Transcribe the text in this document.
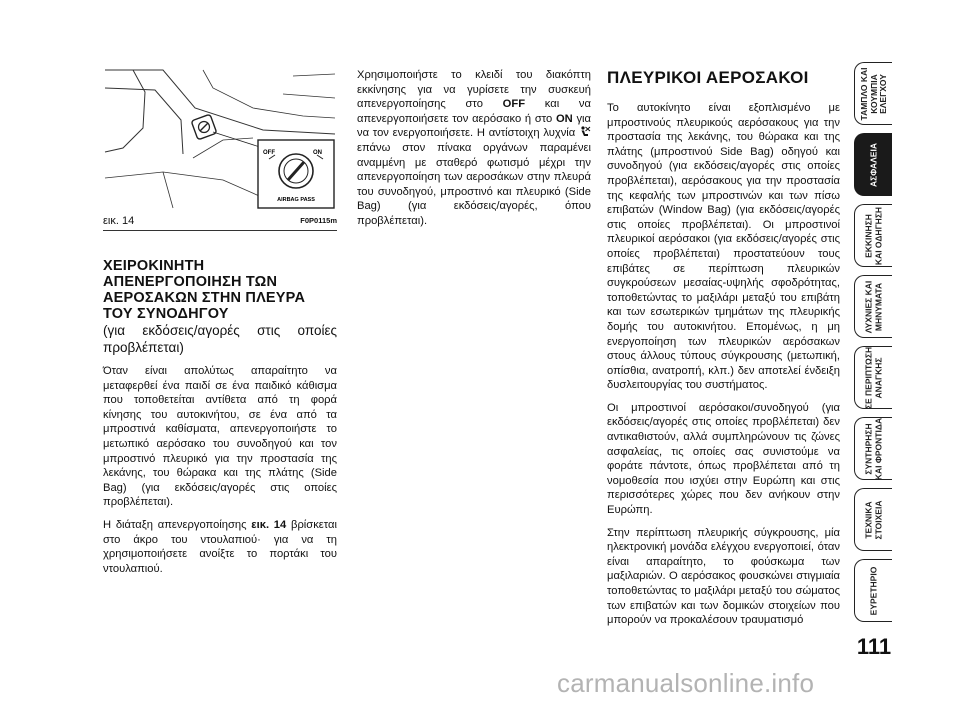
OFF	ON
AIRBAG PASS
εικ. 14	F0P0115m
ΧΕΙΡΟΚΙΝΗΤΗ
ΑΠΕΝΕΡΓΟΠΟΙΗΣΗ ΤΩΝ
ΑΕΡΟΣΑΚΩΝ ΣΤΗΝ ΠΛΕΥΡΑ
ΤΟΥ ΣΥΝΟΔΗΓΟΥ
(για εκδόσεις/αγορές στις οποίες προβλέπεται)

Όταν είναι απολύτως απαραίτητο να μεταφερθεί ένα παιδί σε ένα παιδικό κάθισμα που τοποθετείται αντίθετα από τη φορά κίνησης του αυτοκινήτου, σε ένα από τα μπροστινά καθίσματα, απενεργοποιήστε το μετωπικό αερόσακο του συνοδηγού και τον μπροστινό πλευρικό για την προστασία της λεκάνης, του θώρακα και της πλάτης (Side Bag) (για εκδόσεις/αγορές στις οποίες προβλέπεται).

Η διάταξη απενεργοποίησης εικ. 14 βρίσκεται στο άκρο του ντουλαπιού· για να τη χρησιμοποιήσετε ανοίξτε το πορτάκι του ντουλαπιού.

Χρησιμοποιήστε το κλειδί του διακόπτη εκκίνησης για να γυρίσετε την συσκευή απενεργοποίησης στο OFF και να απενεργοποιήσετε τον αερόσακο ή στο ON για να τον ενεργοποιήσετε. Η αντίστοιχη λυχνία  επάνω στον πίνακα οργάνων παραμένει αναμμένη με σταθερό φωτισμό μέχρι την απενεργοποίηση των αεροσάκων στην πλευρά του συνοδηγού, μπροστινό και πλευρικό (Side Bag) (για εκδόσεις/αγορές, όπου προβλέπεται).

ΠΛΕΥΡΙΚΟΙ ΑΕΡΟΣΑΚΟΙ

Το αυτοκίνητο είναι εξοπλισμένο με μπροστινούς πλευρικούς αερόσακους για την προστασία της λεκάνης, του θώρακα και της πλάτης (μπροστινού Side Bag) οδηγού και συνοδηγού (για εκδόσεις/αγορές στις οποίες προβλέπεται), αερόσακους για την προστασία της κεφαλής των μπροστινών και των πίσω επιβατών (Window Bag) (για εκδόσεις/αγορές στις οποίες προβλέπεται). Οι μπροστινοί πλευρικοί αερόσακοι (για εκδόσεις/αγορές στις οποίες προβλέπεται) προστατεύουν τους επιβάτες σε περίπτωση πλευρικών συγκρούσεων μεσαίας-υψηλής σφοδρότητας, τοποθετώντας το μαξιλάρι μεταξύ του επιβάτη και των εσωτερικών τμημάτων της πλευρικής δομής του αυτοκινήτου. Επομένως, η μη ενεργοποίηση των πλευρικών αερόσακων στους άλλους τύπους σύγκρουσης (μετωπική, οπίσθια, ανατροπή, κλπ.) δεν αποτελεί ένδειξη δυσλειτουργίας του συστήματος.

Οι μπροστινοί αερόσακοι/συνοδηγού (για εκδόσεις/αγορές στις οποίες προβλέπεται) δεν αντικαθιστούν, αλλά συμπληρώνουν τις ζώνες ασφαλείας, τις οποίες σας συνιστούμε να φοράτε πάντοτε, όπως προβλέπεται από τη νομοθεσία που ισχύει στην Ευρώπη και στις περισσότερες χώρες που δεν ανήκουν στην Ευρώπη.

Στην περίπτωση πλευρικής σύγκρουσης, μία ηλεκτρονική μονάδα ελέγχου ενεργοποιεί, όταν είναι απαραίτητο, το φούσκωμα των μαξιλαριών. Ο αερόσακος φουσκώνει στιγμιαία τοποθετώντας το μαξιλάρι μεταξύ του σώματος των επιβατών και των δομικών στοιχείων που μπορούν να προκαλέσουν τραυματισμό

ΤΑΜΠΛΟ ΚΑΙ
ΚΟΥΜΠΙΑ
ΕΛΕΓΧΟΥ
ΑΣΦΑΛΕΙΑ
ΕΚΚΙΝΗΣΗ
ΚΑΙ ΟΔΗΓΗΣΗ
ΛΥΧΝΙΕΣ ΚΑΙ
ΜΗΝΥΜΑΤΑ
ΣΕ ΠΕΡΙΠΤΩΣΗ
ΑΝΑΓΚΗΣ
ΣΥΝΤΗΡΗΣΗ
ΚΑΙ ΦΡΟΝΤΙΔΑ
ΤΕΧΝΙΚΑ
ΣΤΟΙΧΕΙΑ
ΕΥΡΕΤΗΡΙΟ
111
carmanualsonline.info
